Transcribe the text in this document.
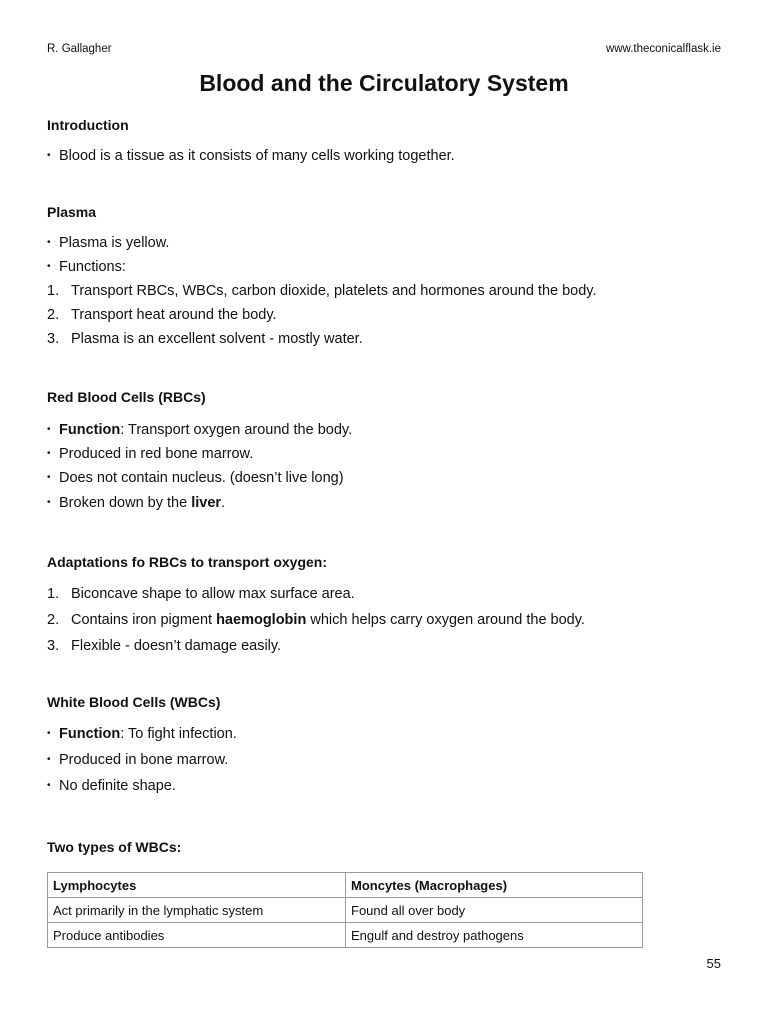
R. Gallagher	www.theconicalflask.ie
Blood and the Circulatory System
Introduction
• Blood is a tissue as it consists of many cells working together.
Plasma
• Plasma is yellow.
• Functions:
1. Transport RBCs, WBCs, carbon dioxide, platelets and hormones around the body.
2. Transport heat around the body.
3. Plasma is an excellent solvent - mostly water.
Red Blood Cells (RBCs)
• Function: Transport oxygen around the body.
• Produced in red bone marrow.
• Does not contain nucleus. (doesn’t live long)
• Broken down by the liver.
Adaptations fo RBCs to transport oxygen:
1. Biconcave shape to allow max surface area.
2. Contains iron pigment haemoglobin which helps carry oxygen around the body.
3. Flexible - doesn’t damage easily.
White Blood Cells (WBCs)
• Function: To fight infection.
• Produced in bone marrow.
• No definite shape.
Two types of WBCs:
Lymphocytes	Moncytes (Macrophages)
Act primarily in the lymphatic system	Found all over body
Produce antibodies	Engulf and destroy pathogens
55
